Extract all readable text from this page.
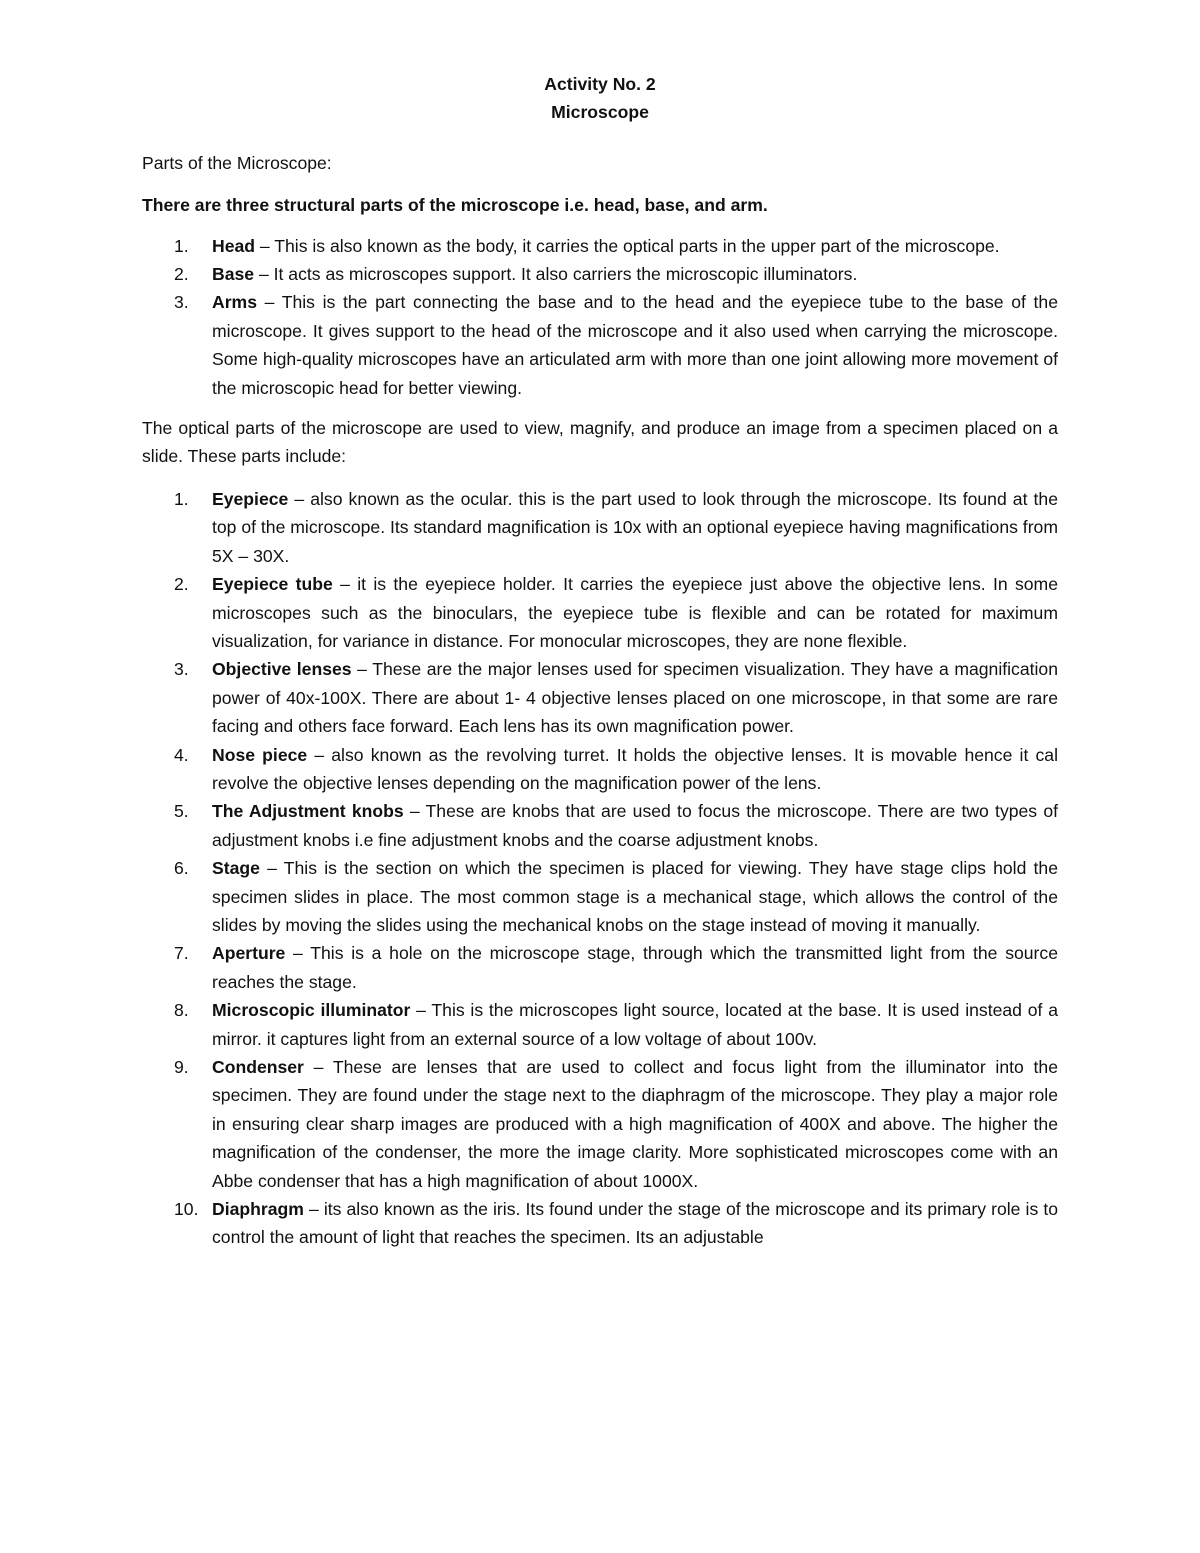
Activity No. 2
Microscope

Parts of the Microscope:

There are three structural parts of the microscope i.e. head, base, and arm.

1.	Head – This is also known as the body, it carries the optical parts in the upper part of the microscope.
2.	Base – It acts as microscopes support. It also carriers the microscopic illuminators.
3.	Arms – This is the part connecting the base and to the head and the eyepiece tube to the base of the microscope. It gives support to the head of the microscope and it also used when carrying the microscope. Some high-quality microscopes have an articulated arm with more than one joint allowing more movement of the microscopic head for better viewing.

The optical parts of the microscope are used to view, magnify, and produce an image from a specimen placed on a slide. These parts include:

1.	Eyepiece – also known as the ocular. this is the part used to look through the microscope. Its found at the top of the microscope. Its standard magnification is 10x with an optional eyepiece having magnifications from 5X – 30X.
2.	Eyepiece tube – it is the eyepiece holder. It carries the eyepiece just above the objective lens. In some microscopes such as the binoculars, the eyepiece tube is flexible and can be rotated for maximum visualization, for variance in distance. For monocular microscopes, they are none flexible.
3.	Objective lenses – These are the major lenses used for specimen visualization. They have a magnification power of 40x-100X. There are about 1- 4 objective lenses placed on one microscope, in that some are rare facing and others face forward. Each lens has its own magnification power.
4.	Nose piece – also known as the revolving turret. It holds the objective lenses. It is movable hence it cal revolve the objective lenses depending on the magnification power of the lens.
5.	The Adjustment knobs – These are knobs that are used to focus the microscope. There are two types of adjustment knobs i.e fine adjustment knobs and the coarse adjustment knobs.
6.	Stage – This is the section on which the specimen is placed for viewing. They have stage clips hold the specimen slides in place. The most common stage is a mechanical stage, which allows the control of the slides by moving the slides using the mechanical knobs on the stage instead of moving it manually.
7.	Aperture – This is a hole on the microscope stage, through which the transmitted light from the source reaches the stage.
8.	Microscopic illuminator – This is the microscopes light source, located at the base. It is used instead of a mirror. it captures light from an external source of a low voltage of about 100v.
9.	Condenser – These are lenses that are used to collect and focus light from the illuminator into the specimen. They are found under the stage next to the diaphragm of the microscope. They play a major role in ensuring clear sharp images are produced with a high magnification of 400X and above. The higher the magnification of the condenser, the more the image clarity. More sophisticated microscopes come with an Abbe condenser that has a high magnification of about 1000X.
10. Diaphragm – its also known as the iris. Its found under the stage of the microscope and its primary role is to control the amount of light that reaches the specimen. Its an adjustable
